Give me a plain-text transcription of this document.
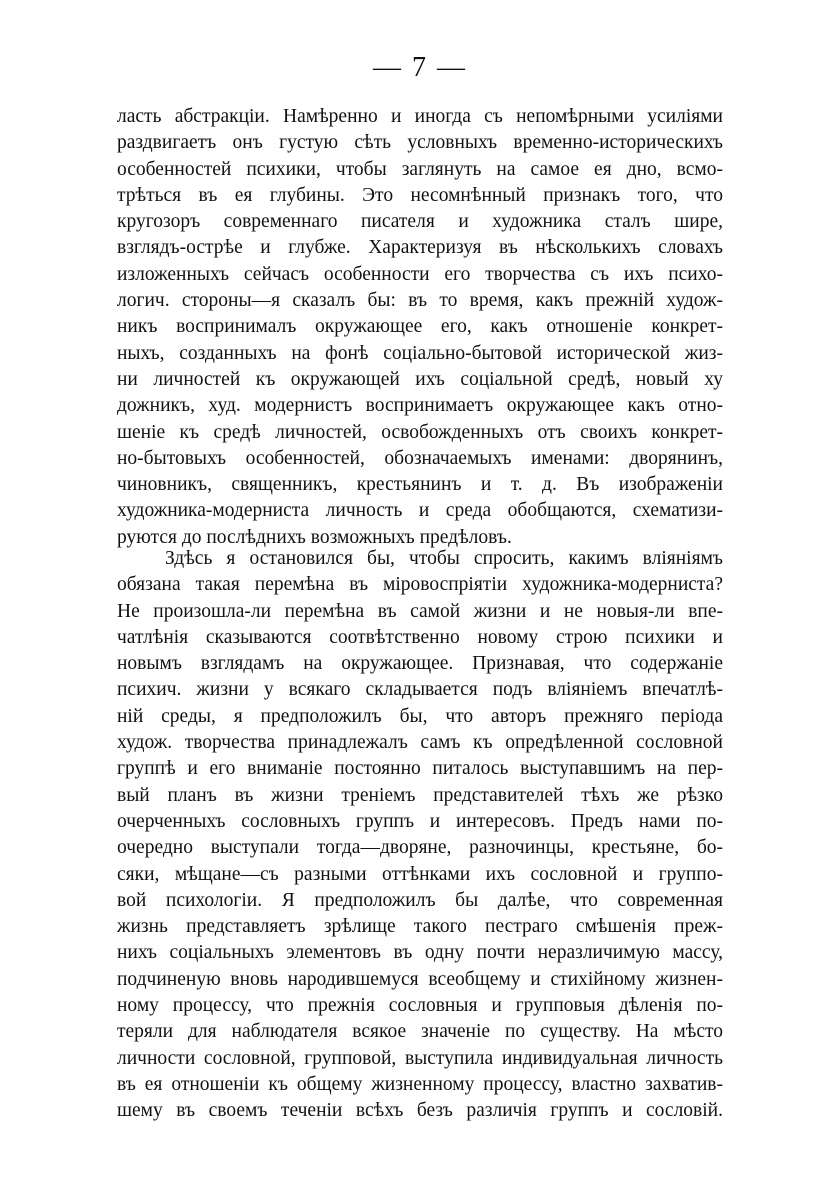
— 7 —
ласть абстракціи. Намѣренно и иногда съ непомѣрными усиліями
раздвигаетъ онъ густую сѣть условныхъ временно-историческихъ
особенностей психики, чтобы заглянуть на самое ея дно, всмо-
трѣться въ ея глубины. Это несомнѣнный признакъ того, что
кругозоръ современнаго писателя и художника сталъ шире,
взглядъ-острѣе и глубже. Характеризуя въ нѣсколькихъ словахъ
изложенныхъ сейчасъ особенности его творчества съ ихъ психо-
логич. стороны—я сказалъ бы: въ то время, какъ прежній худож-
никъ воспринималъ окружающее его, какъ отношеніе конкрет-
ныхъ, созданныхъ на фонѣ соціально-бытовой исторической жиз-
ни личностей къ окружающей ихъ соціальной средѣ, новый ху
дожникъ, худ. модернистъ воспринимаетъ окружающее какъ отно-
шеніе къ средѣ личностей, освобожденныхъ отъ своихъ конкрет-
но-бытовыхъ особенностей, обозначаемыхъ именами: дворянинъ,
чиновникъ, священникъ, крестьянинъ и т. д. Въ изображеніи
художника-модерниста личность и среда обобщаются, схематизи-
руются до послѣднихъ возможныхъ предѣловъ.
Здѣсь я остановился бы, чтобы спросить, какимъ вліяніямъ
обязана такая перемѣна въ міровоспріятіи художника-модерниста?
Не произошла-ли перемѣна въ самой жизни и не новыя-ли впе-
чатлѣнія сказываются соотвѣтственно новому строю психики и
новымъ взглядамъ на окружающее. Признавая, что содержаніе
психич. жизни у всякаго складывается подъ вліяніемъ впечатлѣ-
ній среды, я предположилъ бы, что авторъ прежняго періода
худож. творчества принадлежалъ самъ къ опредѣленной сословной
группѣ и его вниманіе постоянно питалось выступавшимъ на пер-
вый планъ въ жизни треніемъ представителей тѣхъ же рѣзко
очерченныхъ сословныхъ группъ и интересовъ. Предъ нами по-
очередно выступали тогда—дворяне, разночинцы, крестьяне, бо-
сяки, мѣщане—съ разными оттѣнками ихъ сословной и группо-
вой психологіи. Я предположилъ бы далѣе, что современная
жизнь представляетъ зрѣлище такого пестраго смѣшенія преж-
нихъ соціальныхъ элементовъ въ одну почти неразличимую массу,
подчиненую вновь народившемуся всеобщему и стихійному жизнен-
ному процессу, что прежнія сословныя и групповыя дѣленія по-
теряли для наблюдателя всякое значеніе по существу. На мѣсто
личности сословной, групповой, выступила индивидуальная личность
въ ея отношеніи къ общему жизненному процессу, властно захватив-
шему въ своемъ теченіи всѣхъ безъ различія группъ и сословій.
